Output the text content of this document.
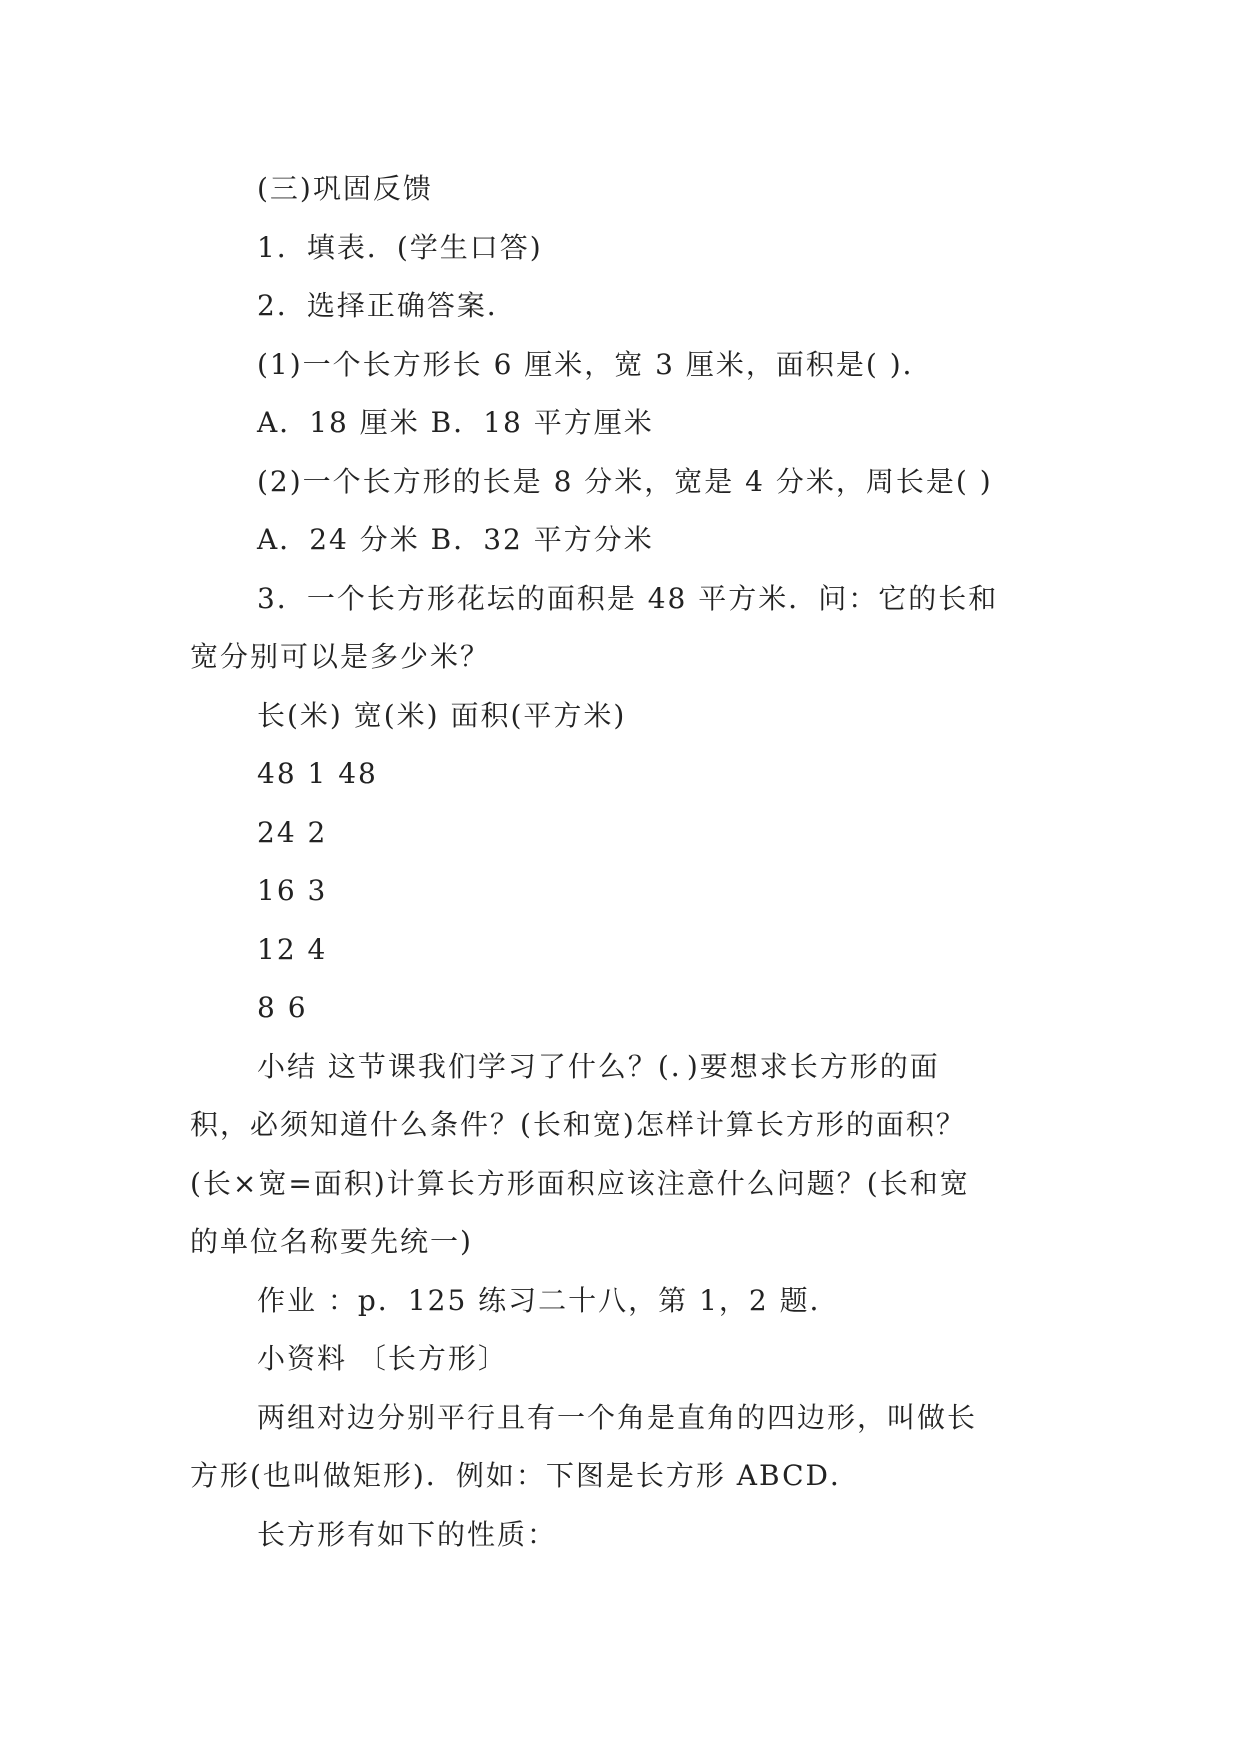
(三)巩固反馈
1．填表．(学生口答)
2．选择正确答案．
(1)一个长方形长 6 厘米，宽 3 厘米，面积是( )．
A．18 厘米 B．18 平方厘米
(2)一个长方形的长是 8 分米，宽是 4 分米，周长是( )
A．24 分米 B．32 平方分米
3．一个长方形花坛的面积是 48 平方米．问：它的长和
宽分别可以是多少米？
长(米) 宽(米) 面积(平方米)
48 1 48
24 2
16 3
12 4
8 6
小结 这节课我们学习了什么？(．)要想求长方形的面
积，必须知道什么条件？(长和宽)怎样计算长方形的面积？
(长×宽=面积)计算长方形面积应该注意什么问题？(长和宽
的单位名称要先统一)
作业 ：p．125 练习二十八，第 1，2 题．
小资料 〔长方形〕
两组对边分别平行且有一个角是直角的四边形，叫做长
方形(也叫做矩形)．例如：下图是长方形 ABCD．
长方形有如下的性质：
